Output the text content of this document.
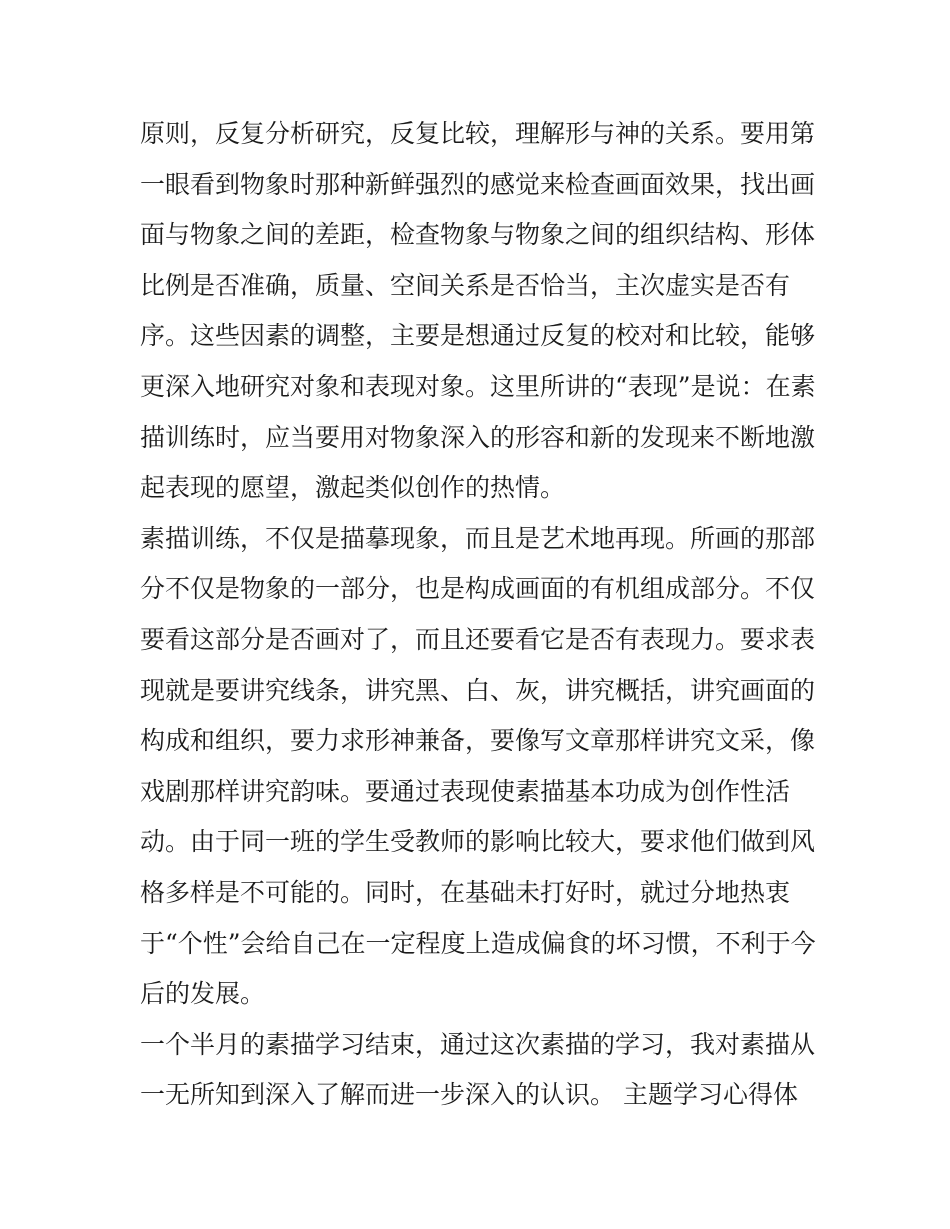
原则，反复分析研究，反复比较，理解形与神的关系。要用第
一眼看到物象时那种新鲜强烈的感觉来检查画面效果，找出画
面与物象之间的差距，检查物象与物象之间的组织结构、形体
比例是否准确，质量、空间关系是否恰当，主次虚实是否有
序。这些因素的调整，主要是想通过反复的校对和比较，能够
更深入地研究对象和表现对象。这里所讲的“表现”是说：在素
描训练时，应当要用对物象深入的形容和新的发现来不断地激
起表现的愿望，激起类似创作的热情。
素描训练，不仅是描摹现象，而且是艺术地再现。所画的那部
分不仅是物象的一部分，也是构成画面的有机组成部分。不仅
要看这部分是否画对了，而且还要看它是否有表现力。要求表
现就是要讲究线条，讲究黑、白、灰，讲究概括，讲究画面的
构成和组织，要力求形神兼备，要像写文章那样讲究文采，像
戏剧那样讲究韵味。要通过表现使素描基本功成为创作性活
动。由于同一班的学生受教师的影响比较大，要求他们做到风
格多样是不可能的。同时，在基础未打好时，就过分地热衷
于“个性”会给自己在一定程度上造成偏食的坏习惯，不利于今
后的发展。
一个半月的素描学习结束，通过这次素描的学习，我对素描从
一无所知到深入了解而进一步深入的认识。 主题学习心得体
